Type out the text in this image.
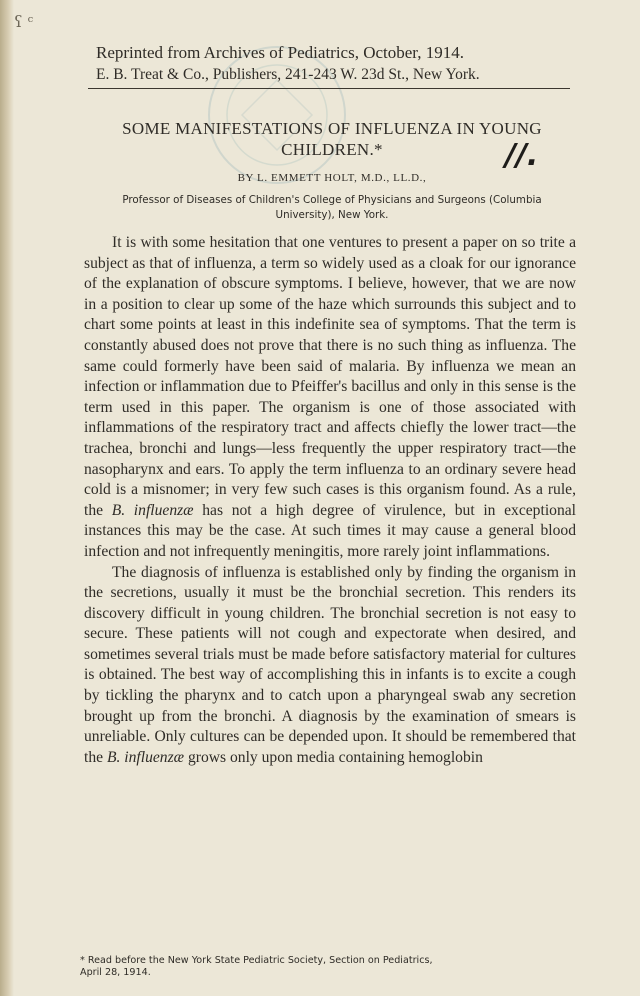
ʕ ᶜ
Reprinted from Archives of Pediatrics, October, 1914.
E. B. Treat & Co., Publishers, 241-243 W. 23d St., New York.
SOME MANIFESTATIONS OF INFLUENZA IN YOUNG
CHILDREN.*	//.
BY L. EMMETT HOLT, M.D., LL.D.,
Professor of Diseases of Children's College of Physicians and Surgeons (Columbia
University), New York.

It is with some hesitation that one ventures to present a paper on so trite a subject as that of influenza, a term so widely used as a cloak for our ignorance of the explanation of obscure symptoms. I believe, however, that we are now in a position to clear up some of the haze which surrounds this subject and to chart some points at least in this indefinite sea of symptoms. That the term is constantly abused does not prove that there is no such thing as influenza. The same could formerly have been said of malaria. By influenza we mean an infection or inflammation due to Pfeiffer's bacillus and only in this sense is the term used in this paper. The organism is one of those associated with inflammations of the respiratory tract and affects chiefly the lower tract—the trachea, bronchi and lungs—less frequently the upper respiratory tract—the nasopharynx and ears. To apply the term influenza to an ordinary severe head cold is a misnomer; in very few such cases is this organism found. As a rule, the B. influenzæ has not a high degree of virulence, but in exceptional instances this may be the case. At such times it may cause a general blood infection and not infrequently meningitis, more rarely joint inflammations.

The diagnosis of influenza is established only by finding the organism in the secretions, usually it must be the bronchial secretion. This renders its discovery difficult in young children. The bronchial secretion is not easy to secure. These patients will not cough and expectorate when desired, and sometimes several trials must be made before satisfactory material for cultures is obtained. The best way of accomplishing this in infants is to excite a cough by tickling the pharynx and to catch upon a pharyngeal swab any secretion brought up from the bronchi. A diagnosis by the examination of smears is unreliable. Only cultures can be depended upon. It should be remembered that the B. influenzæ grows only upon media containing hemoglobin

* Read before the New York State Pediatric Society, Section on Pediatrics,
April 28, 1914.
